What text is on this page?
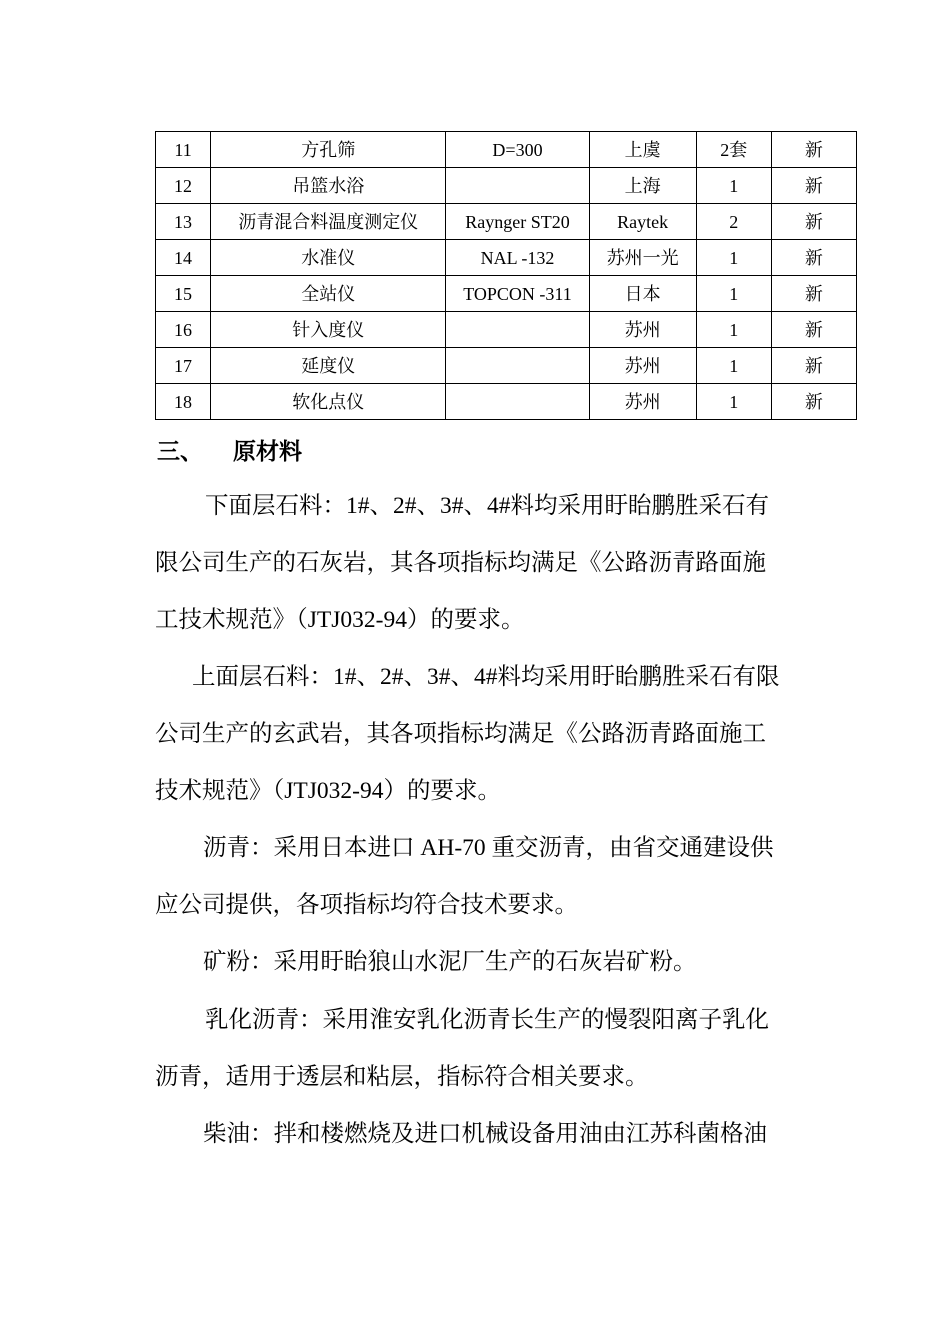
11	方孔筛	D=300	上虞	2套	新
12	吊篮水浴		上海	1	新
13	沥青混合料温度测定仪	Raynger ST20	Raytek	2	新
14	水准仪	NAL -132	苏州一光	1	新
15	全站仪	TOPCON -311	日本	1	新
16	针入度仪		苏州	1	新
17	延度仪		苏州	1	新
18	软化点仪		苏州	1	新
三、 原材料
下面层石料：1#、2#、3#、4#料均采用盱眙鹏胜采石有
限公司生产的石灰岩，其各项指标均满足《公路沥青路面施
工技术规范》（JTJ032-94）的要求。
上面层石料：1#、2#、3#、4#料均采用盱眙鹏胜采石有限
公司生产的玄武岩，其各项指标均满足《公路沥青路面施工
技术规范》（JTJ032-94）的要求。
沥青：采用日本进口 AH-70 重交沥青，由省交通建设供
应公司提供，各项指标均符合技术要求。
矿粉：采用盱眙狼山水泥厂生产的石灰岩矿粉。
乳化沥青：采用淮安乳化沥青长生产的慢裂阳离子乳化
沥青，适用于透层和粘层，指标符合相关要求。
柴油：拌和楼燃烧及进口机械设备用油由江苏科菌格油
